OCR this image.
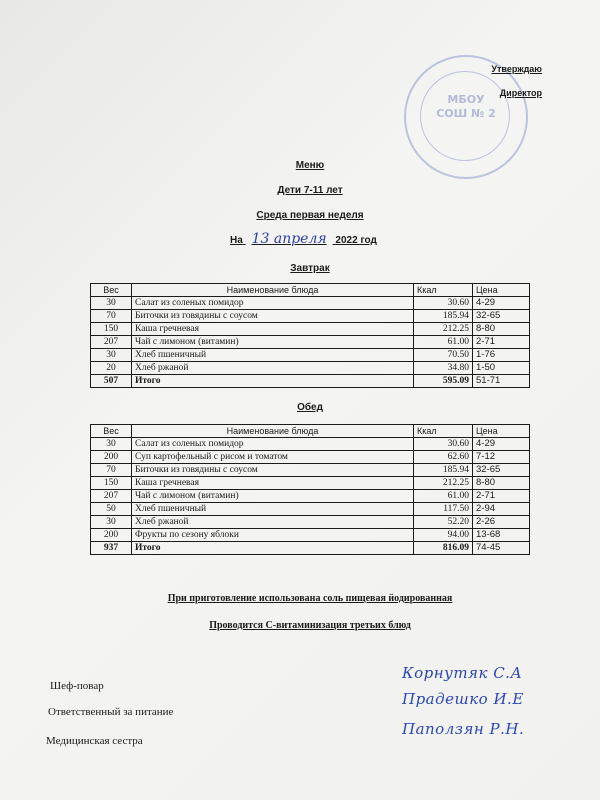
МБОУ СОШ № 2
Утверждаю
Директор
Меню
Дети 7-11 лет
Среда первая неделя
На 13 апреля 2022 год
Завтрак
Вес	Наименование блюда	Ккал	Цена
30	Салат из соленых помидор	30.60	4-29
70	Биточки из говядины с соусом	185.94	32-65
150	Каша гречневая	212.25	8-80
207	Чай с лимоном (витамин)	61.00	2-71
30	Хлеб пшеничный	70.50	1-76
20	Хлеб ржаной	34.80	1-50
507	Итого	595.09	51-71
Обед
Вес	Наименование блюда	Ккал	Цена
30	Салат из соленых помидор	30.60	4-29
200	Суп картофельный с рисом и томатом	62.60	7-12
70	Биточки из говядины с соусом	185.94	32-65
150	Каша гречневая	212.25	8-80
207	Чай с лимоном (витамин)	61.00	2-71
50	Хлеб пшеничный	117.50	2-94
30	Хлеб ржаной	52.20	2-26
200	Фрукты по сезону яблоки	94.00	13-68
937	Итого	816.09	74-45
При приготовление использована соль пищевая йодированная
Проводится С-витаминизация третьих блюд
Шеф-повар
Корнутяк С.А
Ответственный за питание
Прадешко И.Е
Медицинская сестра
Паползян Р.Н.
